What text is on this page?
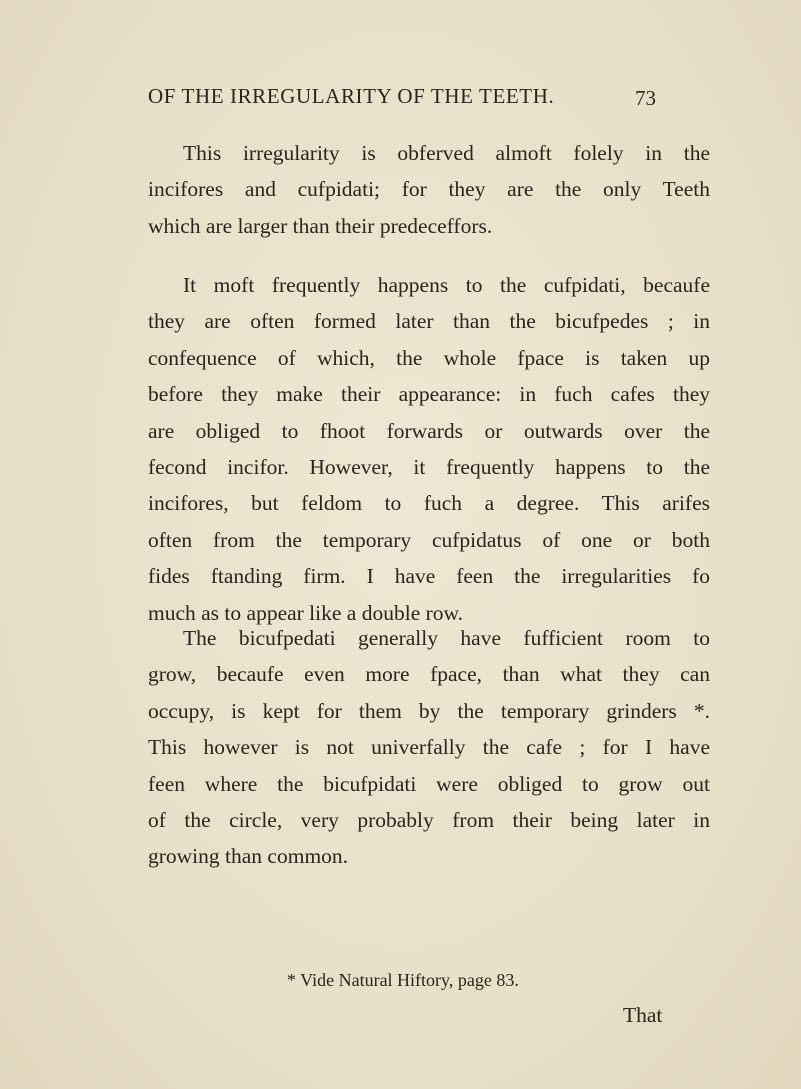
OF THE IRREGULARITY OF THE TEETH.	73
This irregularity is obferved almoft folely in the
incifores and cufpidati; for they are the only Teeth
which are larger than their predeceffors.
It moft frequently happens to the cufpidati, becaufe
they are often formed later than the bicufpedes ; in
confequence of which, the whole fpace is taken up
before they make their appearance: in fuch cafes they
are obliged to fhoot forwards or outwards over the
fecond incifor. However, it frequently happens to the
incifores, but feldom to fuch a degree. This arifes
often from the temporary cufpidatus of one or both
fides ftanding firm. I have feen the irregularities fo
much as to appear like a double row.
The bicufpedati generally have fufficient room to
grow, becaufe even more fpace, than what they can
occupy, is kept for them by the temporary grinders *.
This however is not univerfally the cafe ; for I have
feen where the bicufpidati were obliged to grow out
of the circle, very probably from their being later in
growing than common.
* Vide Natural Hiftory, page 83.
That
